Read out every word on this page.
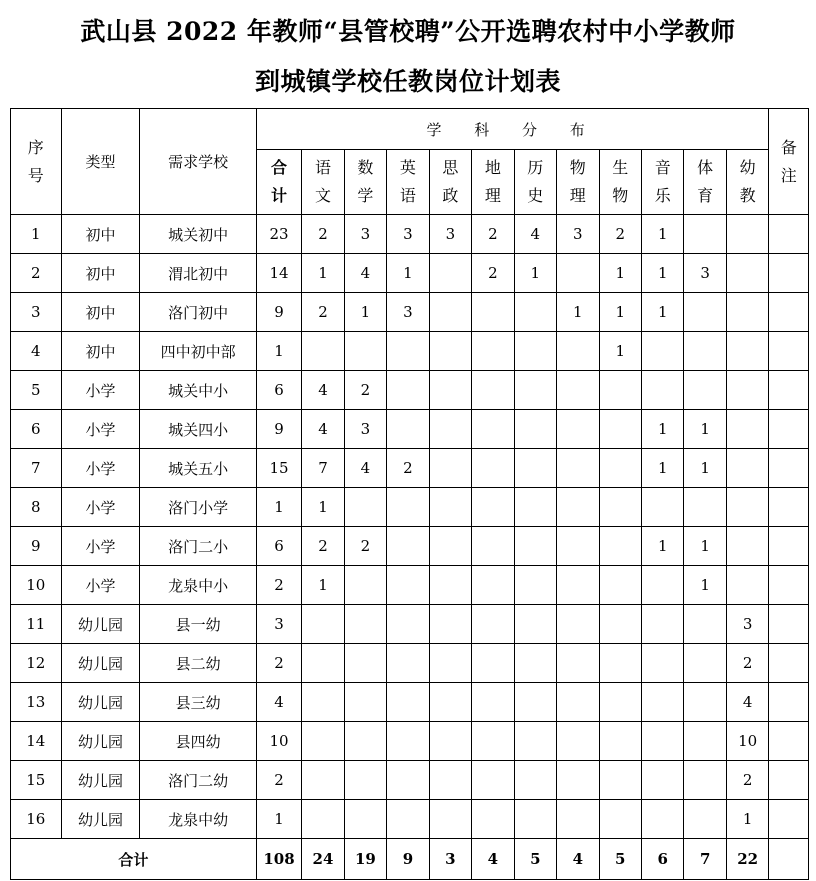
武山县 2022 年教师“县管校聘”公开选聘农村中小学教师
到城镇学校任教岗位计划表
序号	类型	需求学校	学 科 分 布												备注
			合计	语文	数学	英语	思政	地理	历史	物理	生物	音乐	体育	幼教	
1	初中	城关初中	23	2	3	3	3	2	4	3	2	1			
2	初中	渭北初中	14	1	4	1		2	1		1	1	3		
3	初中	洛门初中	9	2	1	3				1	1	1			
4	初中	四中初中部	1								1				
5	小学	城关中小	6	4	2										
6	小学	城关四小	9	4	3							1	1		
7	小学	城关五小	15	7	4	2						1	1		
8	小学	洛门小学	1	1											
9	小学	洛门二小	6	2	2							1	1		
10	小学	龙泉中小	2	1									1		
11	幼儿园	县一幼	3											3	
12	幼儿园	县二幼	2											2	
13	幼儿园	县三幼	4											4	
14	幼儿园	县四幼	10											10	
15	幼儿园	洛门二幼	2											2	
16	幼儿园	龙泉中幼	1											1	
合计			108	24	19	9	3	4	5	4	5	6	7	22	
